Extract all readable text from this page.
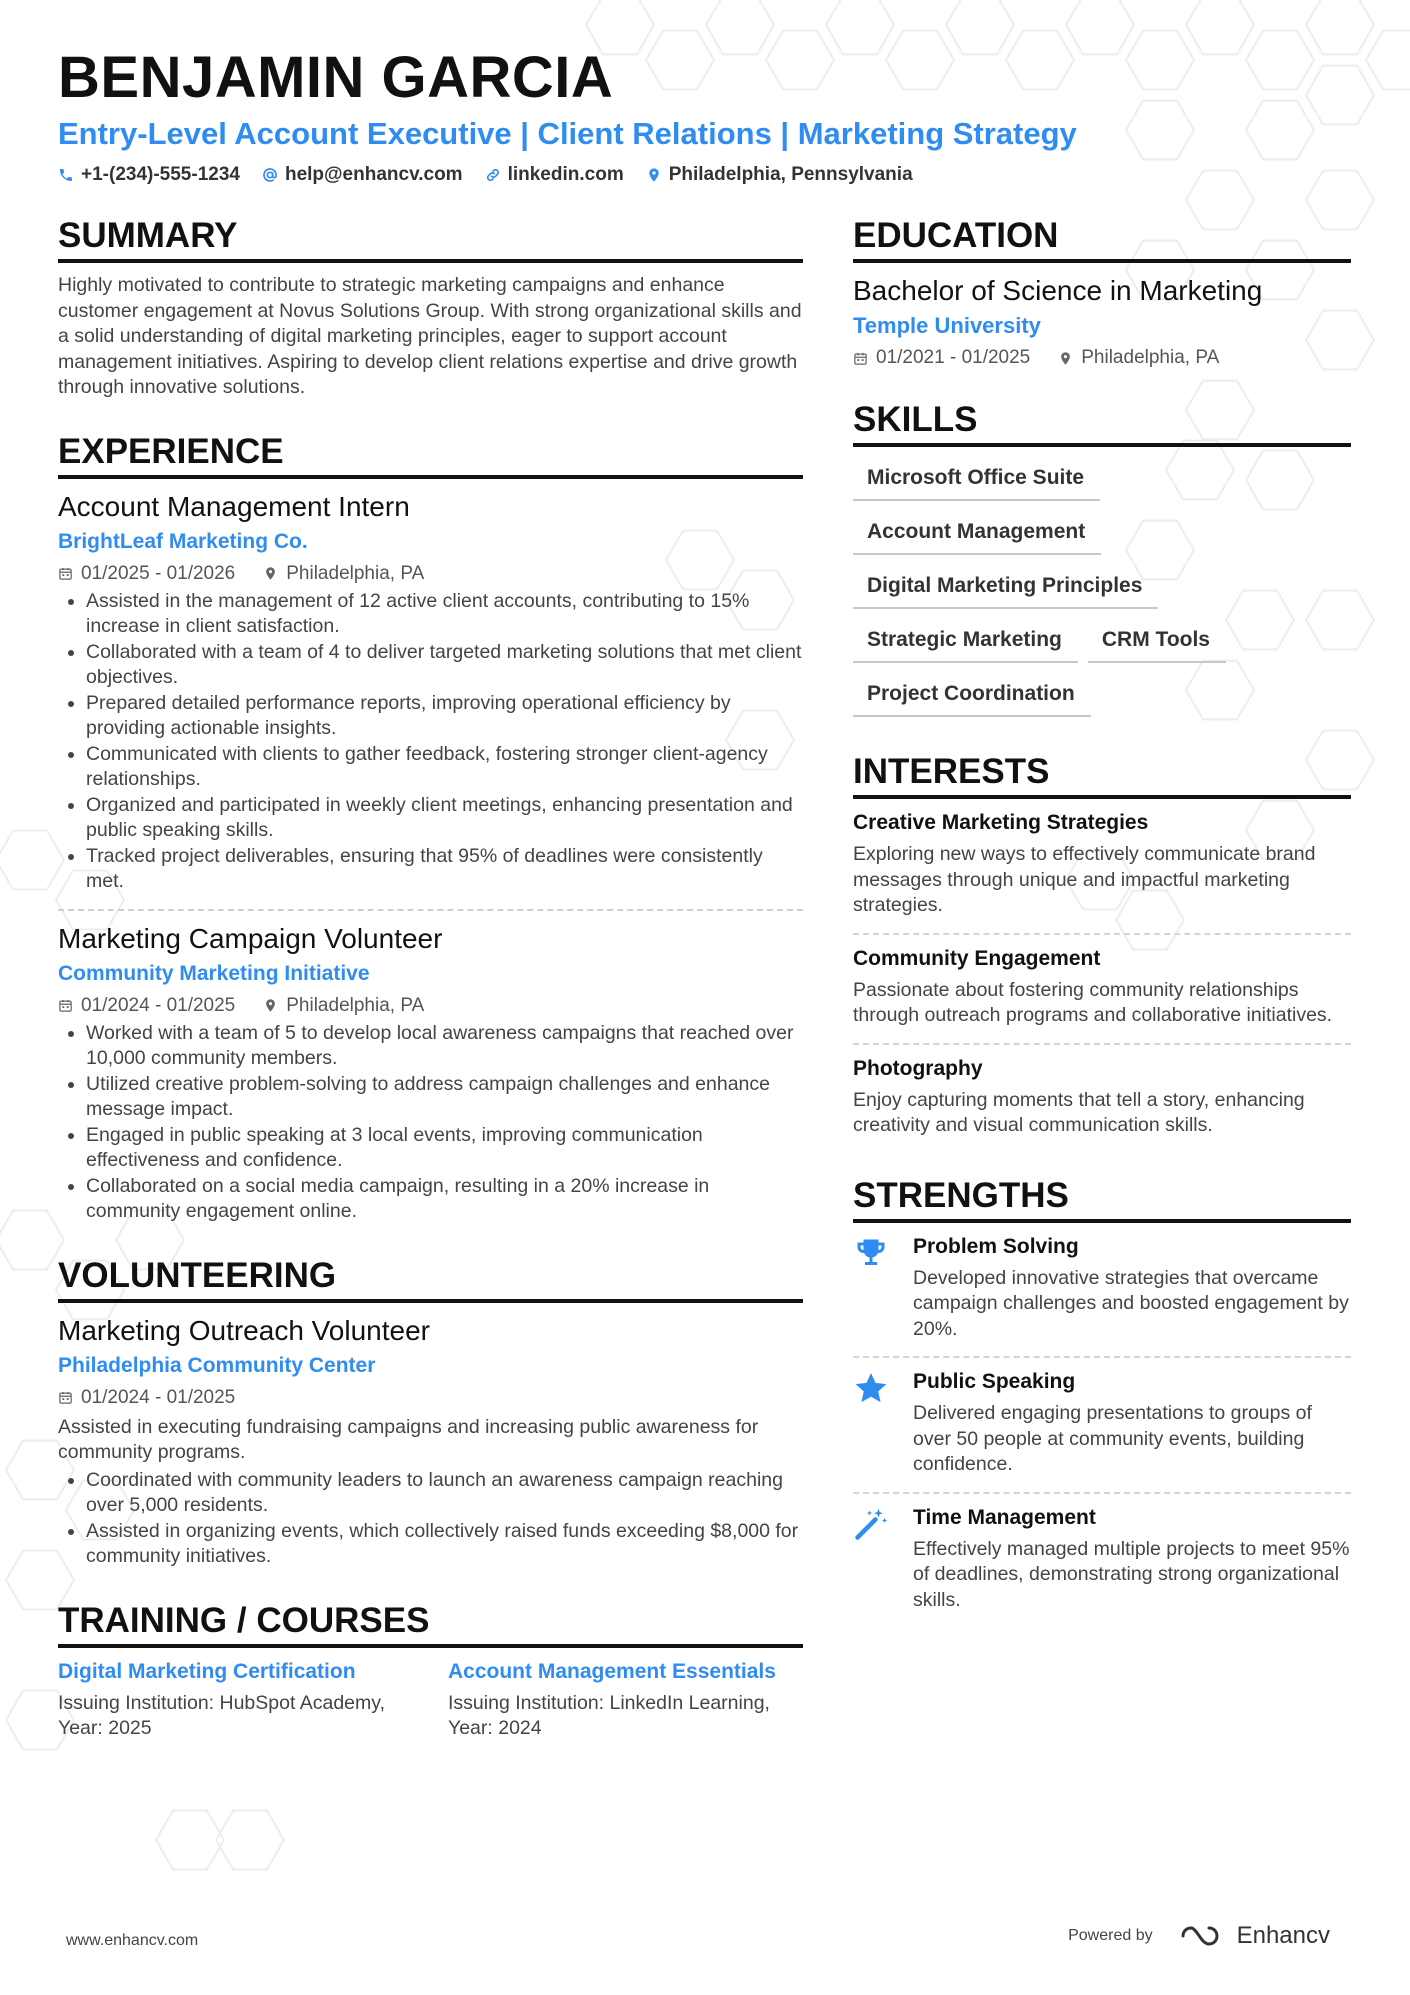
BENJAMIN GARCIA
Entry-Level Account Executive | Client Relations | Marketing Strategy
+1-(234)-555-1234 help@enhancv.com linkedin.com Philadelphia, Pennsylvania
SUMMARY

Highly motivated to contribute to strategic marketing campaigns and enhance customer engagement at Novus Solutions Group. With strong organizational skills and a solid understanding of digital marketing principles, eager to support account management initiatives. Aspiring to develop client relations expertise and drive growth through innovative solutions.

EXPERIENCE
Account Management Intern
BrightLeaf Marketing Co.
01/2025 - 01/2026	Philadelphia, PA
• Assisted in the management of 12 active client accounts, contributing to 15% increase in client satisfaction.
• Collaborated with a team of 4 to deliver targeted marketing solutions that met client objectives.
• Prepared detailed performance reports, improving operational efficiency by providing actionable insights.
• Communicated with clients to gather feedback, fostering stronger client-agency relationships.
• Organized and participated in weekly client meetings, enhancing presentation and public speaking skills.
• Tracked project deliverables, ensuring that 95% of deadlines were consistently met.
Marketing Campaign Volunteer
Community Marketing Initiative
01/2024 - 01/2025	Philadelphia, PA
• Worked with a team of 5 to develop local awareness campaigns that reached over 10,000 community members.
• Utilized creative problem-solving to address campaign challenges and enhance message impact.
• Engaged in public speaking at 3 local events, improving communication effectiveness and confidence.
• Collaborated on a social media campaign, resulting in a 20% increase in community engagement online.
VOLUNTEERING
Marketing Outreach Volunteer
Philadelphia Community Center
01/2024 - 01/2025
Assisted in executing fundraising campaigns and increasing public awareness for community programs.
• Coordinated with community leaders to launch an awareness campaign reaching over 5,000 residents.
• Assisted in organizing events, which collectively raised funds exceeding $8,000 for community initiatives.
TRAINING / COURSES
Digital Marketing Certification
Issuing Institution: HubSpot Academy, Year: 2025
Account Management Essentials
Issuing Institution: LinkedIn Learning, Year: 2024
EDUCATION
Bachelor of Science in Marketing
Temple University
01/2021 - 01/2025	Philadelphia, PA
SKILLS
Microsoft Office Suite
Account Management
Digital Marketing Principles
Strategic Marketing	CRM Tools
Project Coordination
INTERESTS
Creative Marketing Strategies
Exploring new ways to effectively communicate brand messages through unique and impactful marketing strategies.
Community Engagement
Passionate about fostering community relationships through outreach programs and collaborative initiatives.
Photography
Enjoy capturing moments that tell a story, enhancing creativity and visual communication skills.
STRENGTHS
Problem Solving
Developed innovative strategies that overcame campaign challenges and boosted engagement by 20%.
Public Speaking
Delivered engaging presentations to groups of over 50 people at community events, building confidence.
Time Management
Effectively managed multiple projects to meet 95% of deadlines, demonstrating strong organizational skills.
www.enhancv.com	Powered by	Enhancv
